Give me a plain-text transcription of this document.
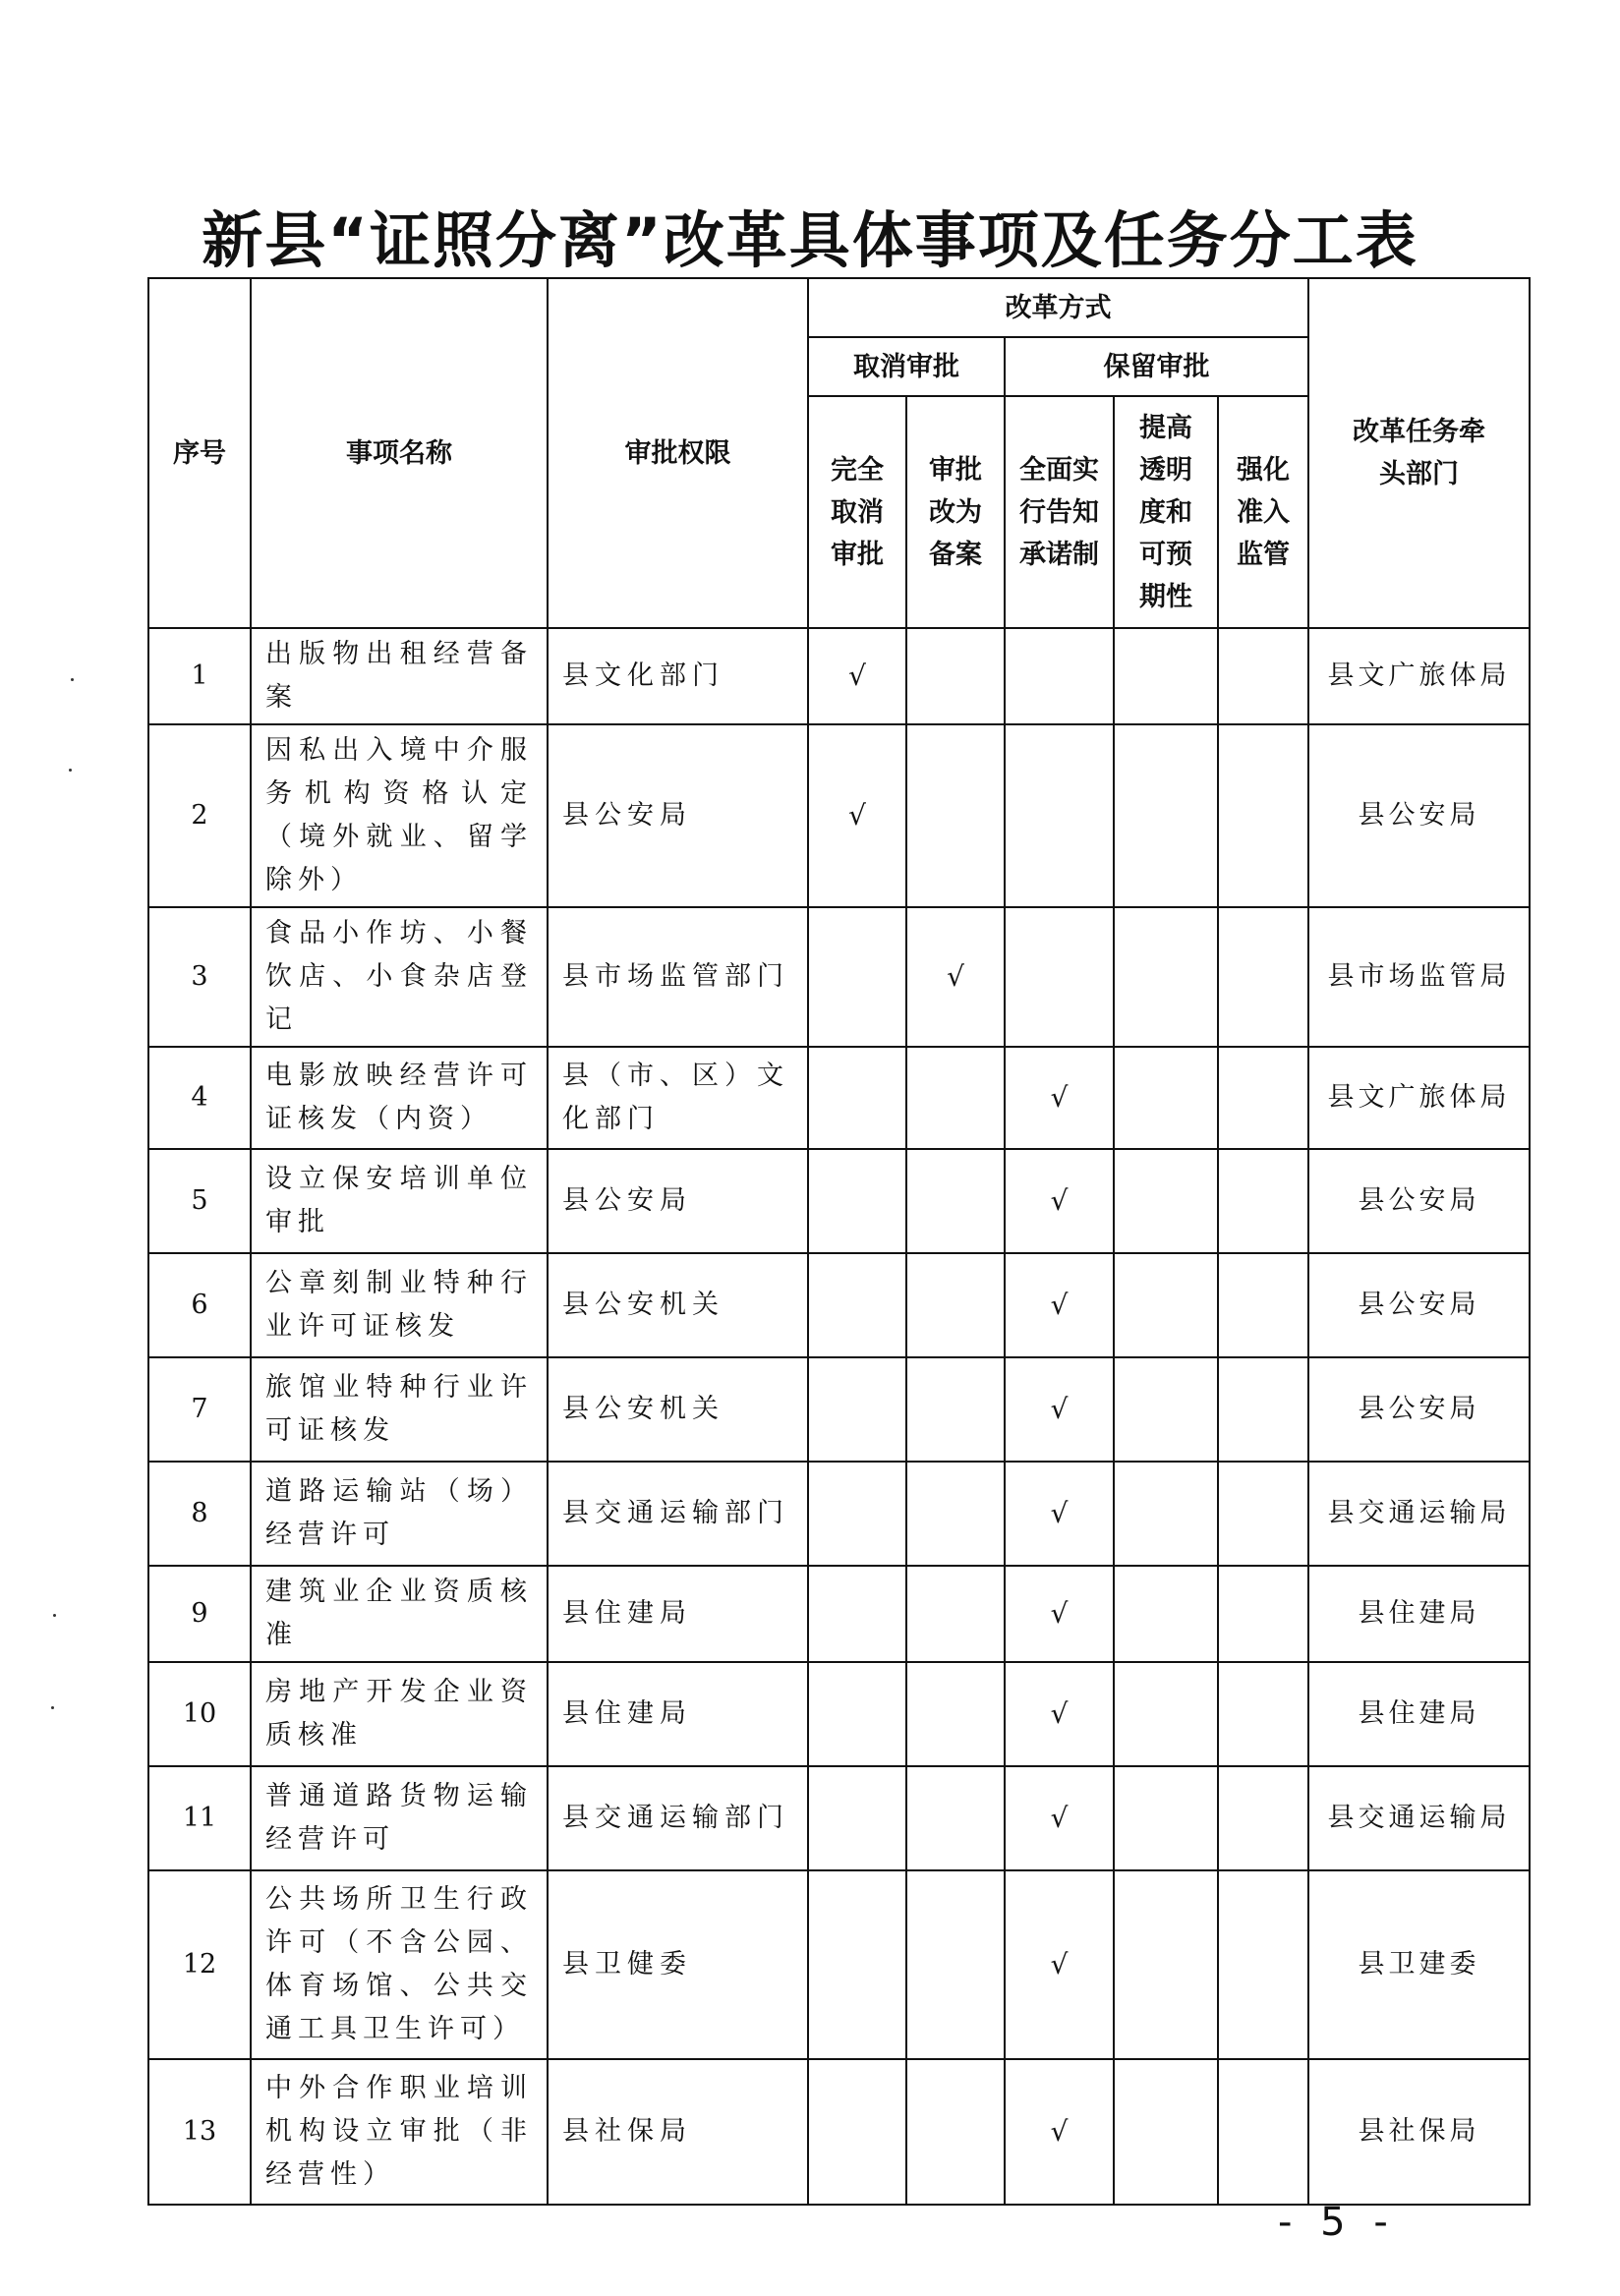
新县“证照分离”改革具体事项及任务分工表
序号	事项名称	审批权限	改革方式					改革任务牵头部门
			取消审批		保留审批			
			完全取消审批	审批改为备案	全面实行告知承诺制	提高透明度和可预期性	强化准入监管	
1	出版物出租经营备案	县文化部门	√					县文广旅体局
2	因私出入境中介服务机构资格认定（境外就业、留学除外）	县公安局	√					县公安局
3	食品小作坊、小餐饮店、小食杂店登记	县市场监管部门		√				县市场监管局
4	电影放映经营许可证核发（内资）	县（市、区）文化部门			√			县文广旅体局
5	设立保安培训单位审批	县公安局			√			县公安局
6	公章刻制业特种行业许可证核发	县公安机关			√			县公安局
7	旅馆业特种行业许可证核发	县公安机关			√			县公安局
8	道路运输站（场）经营许可	县交通运输部门			√			县交通运输局
9	建筑业企业资质核准	县住建局			√			县住建局
10	房地产开发企业资质核准	县住建局			√			县住建局
11	普通道路货物运输经营许可	县交通运输部门			√			县交通运输局
12	公共场所卫生行政许可（不含公园、体育场馆、公共交通工具卫生许可）	县卫健委			√			县卫建委
13	中外合作职业培训机构设立审批（非经营性）	县社保局			√			县社保局
- 5 -
